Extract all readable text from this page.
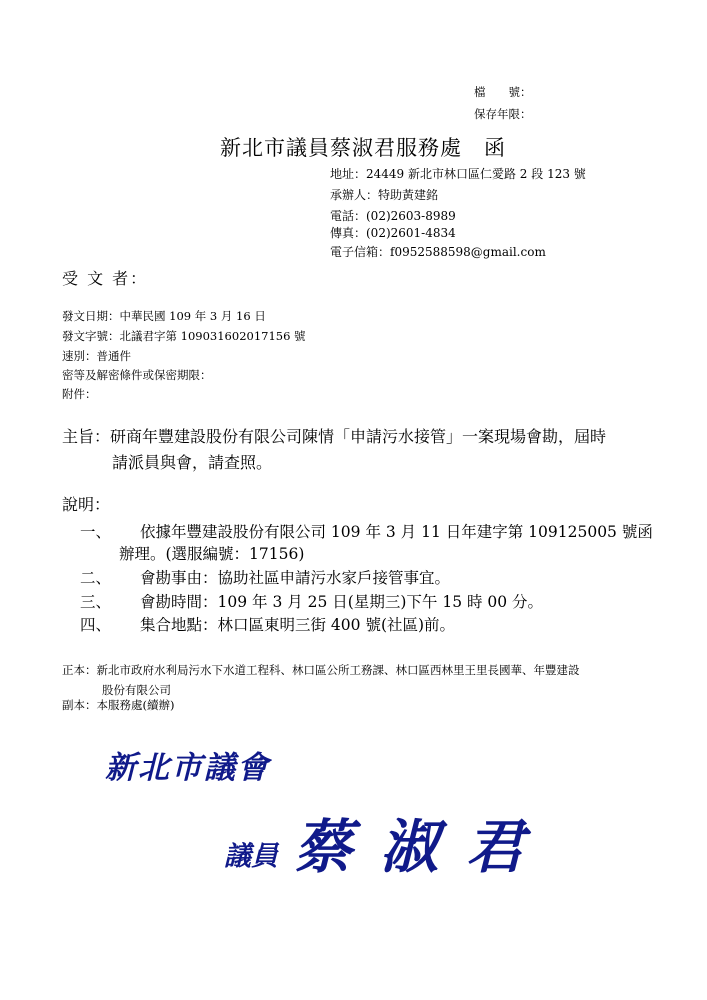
檔　　號：
保存年限：
新北市議員蔡淑君服務處　函
地址：24449 新北市林口區仁愛路 2 段 123 號
承辦人：特助黃建銘
電話：(02)2603-8989
傳真：(02)2601-4834
電子信箱：f0952588598@gmail.com
受 文 者：
發文日期：中華民國 109 年 3 月 16 日
發文字號：北議君字第 109031602017156 號
速別：普通件
密等及解密條件或保密期限：
附件：
主旨：研商年豐建設股份有限公司陳情「申請污水接管」一案現場會勘，屆時
請派員與會，請查照。
說明：
一、 依據年豐建設股份有限公司 109 年 3 月 11 日年建字第 109125005 號函
辦理。(選服編號：17156)
二、 會勘事由：協助社區申請污水家戶接管事宜。
三、 會勘時間：109 年 3 月 25 日(星期三)下午 15 時 00 分。
四、 集合地點：林口區東明三街 400 號(社區)前。
正本：新北市政府水利局污水下水道工程科、林口區公所工務課、林口區西林里王里長國華、年豐建設
股份有限公司
副本：本服務處(續辦)
新北市議會
議員 蔡淑君
